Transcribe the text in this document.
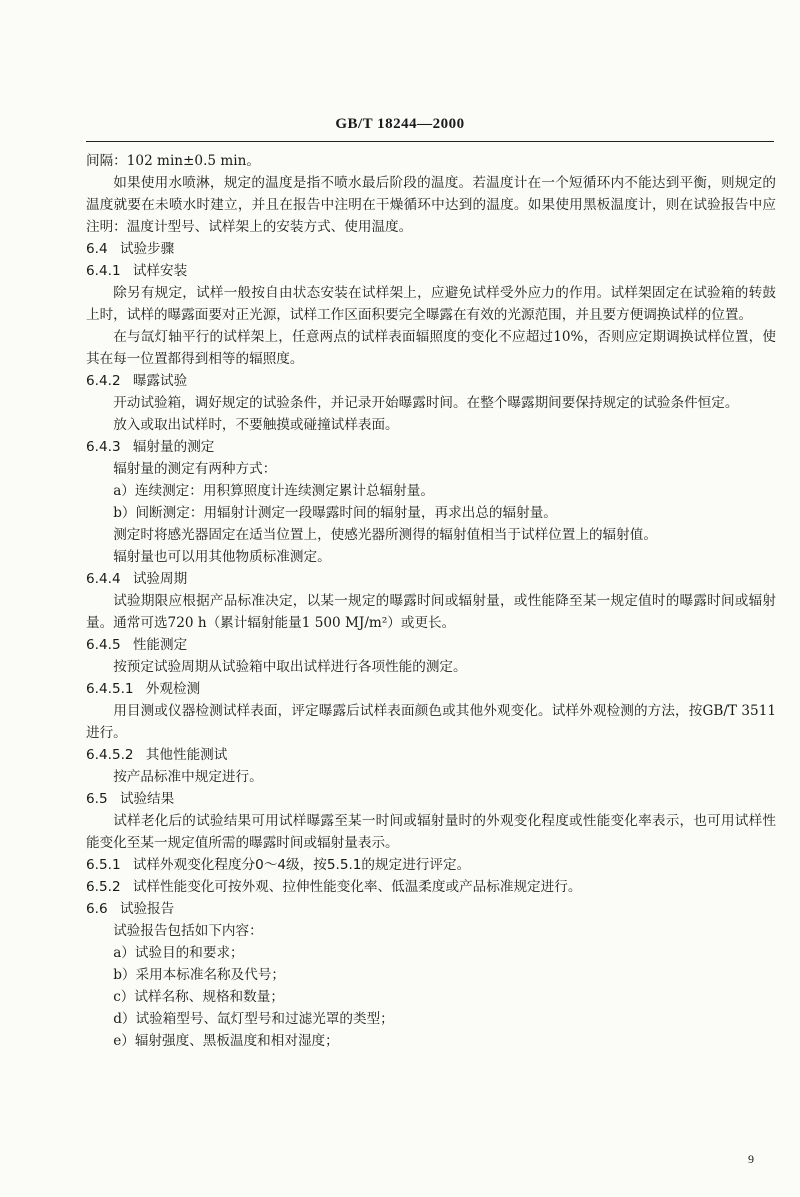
GB/T 18244—2000

间隔：102 min±0.5 min。

如果使用水喷淋，规定的温度是指不喷水最后阶段的温度。若温度计在一个短循环内不能达到平衡，则规定的温度就要在未喷水时建立，并且在报告中注明在干燥循环中达到的温度。如果使用黑板温度计，则在试验报告中应注明：温度计型号、试样架上的安装方式、使用温度。

6.4 试验步骤

6.4.1 试样安装

除另有规定，试样一般按自由状态安装在试样架上，应避免试样受外应力的作用。试样架固定在试验箱的转鼓上时，试样的曝露面要对正光源，试样工作区面积要完全曝露在有效的光源范围，并且要方便调换试样的位置。

在与氙灯轴平行的试样架上，任意两点的试样表面辐照度的变化不应超过10%，否则应定期调换试样位置，使其在每一位置都得到相等的辐照度。

6.4.2 曝露试验

开动试验箱，调好规定的试验条件，并记录开始曝露时间。在整个曝露期间要保持规定的试验条件恒定。

放入或取出试样时，不要触摸或碰撞试样表面。

6.4.3 辐射量的测定

辐射量的测定有两种方式：

a）连续测定：用积算照度计连续测定累计总辐射量。

b）间断测定：用辐射计测定一段曝露时间的辐射量，再求出总的辐射量。

测定时将感光器固定在适当位置上，使感光器所测得的辐射值相当于试样位置上的辐射值。

辐射量也可以用其他物质标准测定。

6.4.4 试验周期

试验期限应根据产品标准决定，以某一规定的曝露时间或辐射量，或性能降至某一规定值时的曝露时间或辐射量。通常可选720 h（累计辐射能量1 500 MJ/m²）或更长。

6.4.5 性能测定

按预定试验周期从试验箱中取出试样进行各项性能的测定。

6.4.5.1 外观检测

用目测或仪器检测试样表面，评定曝露后试样表面颜色或其他外观变化。试样外观检测的方法，按GB/T 3511进行。

6.4.5.2 其他性能测试

按产品标准中规定进行。

6.5 试验结果

试样老化后的试验结果可用试样曝露至某一时间或辐射量时的外观变化程度或性能变化率表示，也可用试样性能变化至某一规定值所需的曝露时间或辐射量表示。

6.5.1 试样外观变化程度分0～4级，按5.5.1的规定进行评定。

6.5.2 试样性能变化可按外观、拉伸性能变化率、低温柔度或产品标准规定进行。

6.6 试验报告

试验报告包括如下内容：

a）试验目的和要求；

b）采用本标准名称及代号；

c）试样名称、规格和数量；

d）试验箱型号、氙灯型号和过滤光罩的类型；

e）辐射强度、黑板温度和相对湿度；

9
